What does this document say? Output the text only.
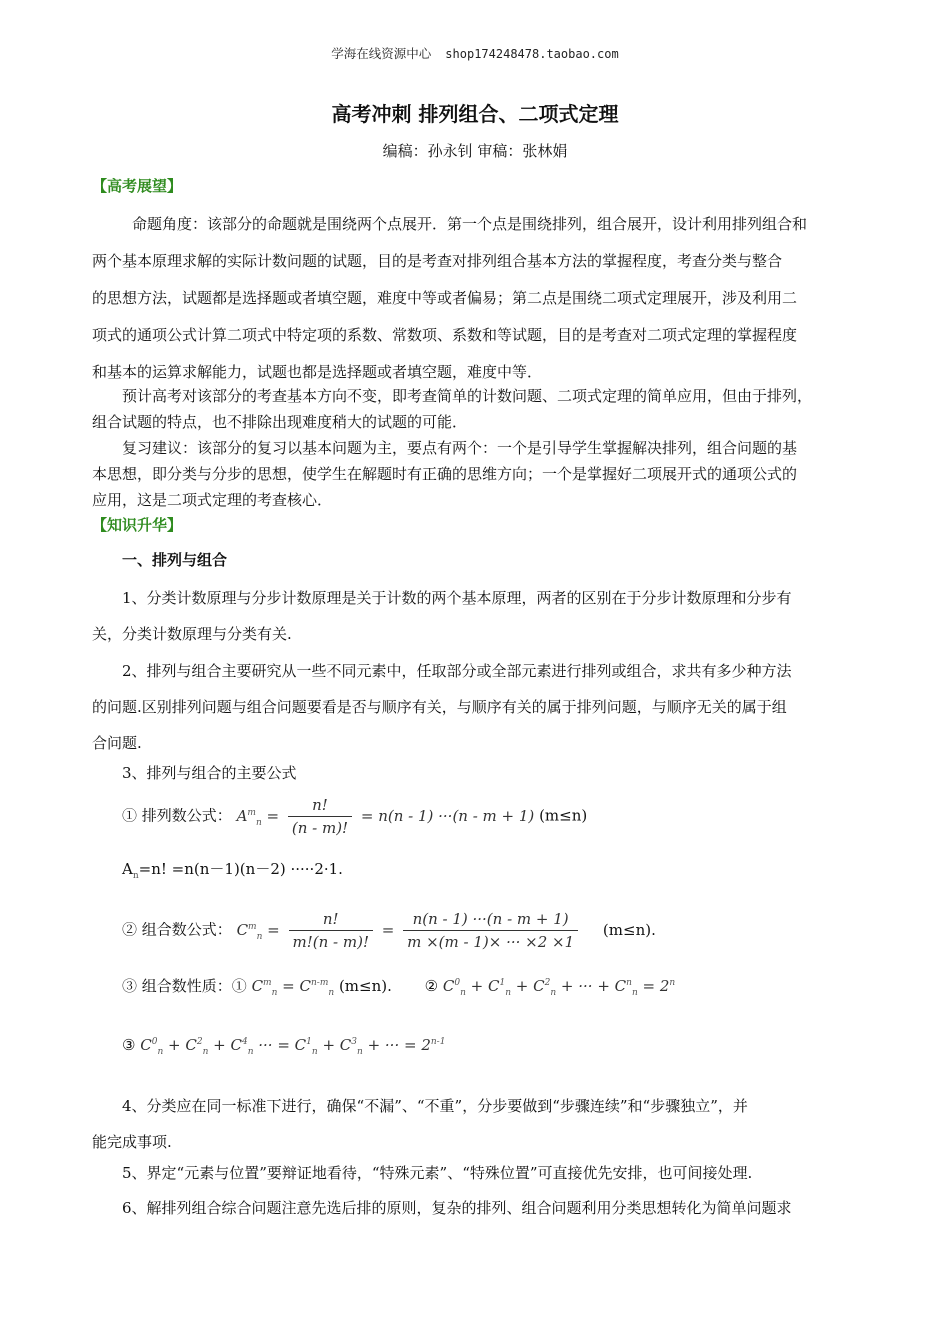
学海在线资源中心 shop174248478.taobao.com
高考冲刺 排列组合、二项式定理
编稿：孙永钊 审稿：张林娟
【高考展望】
命题角度：该部分的命题就是围绕两个点展开．第一个点是围绕排列，组合展开，设计利用排列组合和
两个基本原理求解的实际计数问题的试题，目的是考查对排列组合基本方法的掌握程度，考查分类与整合
的思想方法，试题都是选择题或者填空题，难度中等或者偏易；第二点是围绕二项式定理展开，涉及利用二
项式的通项公式计算二项式中特定项的系数、常数项、系数和等试题，目的是考查对二项式定理的掌握程度
和基本的运算求解能力，试题也都是选择题或者填空题，难度中等．
预计高考对该部分的考查基本方向不变，即考查简单的计数问题、二项式定理的简单应用，但由于排列，
组合试题的特点，也不排除出现难度稍大的试题的可能．
复习建议：该部分的复习以基本问题为主，要点有两个：一个是引导学生掌握解决排列，组合问题的基
本思想，即分类与分步的思想，使学生在解题时有正确的思维方向；一个是掌握好二项展开式的通项公式的
应用，这是二项式定理的考查核心．
【知识升华】
一、排列与组合
1、分类计数原理与分步计数原理是关于计数的两个基本原理，两者的区别在于分步计数原理和分步有
关，分类计数原理与分类有关.
2、排列与组合主要研究从一些不同元素中，任取部分或全部元素进行排列或组合，求共有多少种方法
的问题.区别排列问题与组合问题要看是否与顺序有关，与顺序有关的属于排列问题，与顺序无关的属于组
合问题.
3、排列与组合的主要公式
① 排列数公式： $A^m_n = \frac{n!}{(n - m)!} = n(n - 1) \cdot\cdot\cdot(n - m + 1)$ (m≤n)
$A_n=n$! =n(n－1)(n－2) ·····2·1.
② 组合数公式： $C^m_n = \frac{n!}{m!(n - m)!} = \frac{n(n - 1) \cdot\cdot\cdot(n - m + 1)}{m \times(m - 1)\times \cdot\cdot\cdot \times 2 \times 1} (m\le n)$.
③ 组合数性质：① $C^m_n = C^{n-m}_n$ (m≤n). ② $C^0_n + C^1_n + C^2_n$ + ··· + $C^n_n = 2^n$
③ $C^0_n + C^2_n + C^4_n$ ··· = $C^1_n + C^3_n$ + ··· = $2^{n-1}$
4、分类应在同一标准下进行，确保“不漏”、“不重”，分步要做到“步骤连续”和“步骤独立”，并
能完成事项.
5、界定“元素与位置”要辩证地看待，“特殊元素”、“特殊位置”可直接优先安排，也可间接处理.
6、解排列组合综合问题注意先选后排的原则，复杂的排列、组合问题利用分类思想转化为简单问题求
